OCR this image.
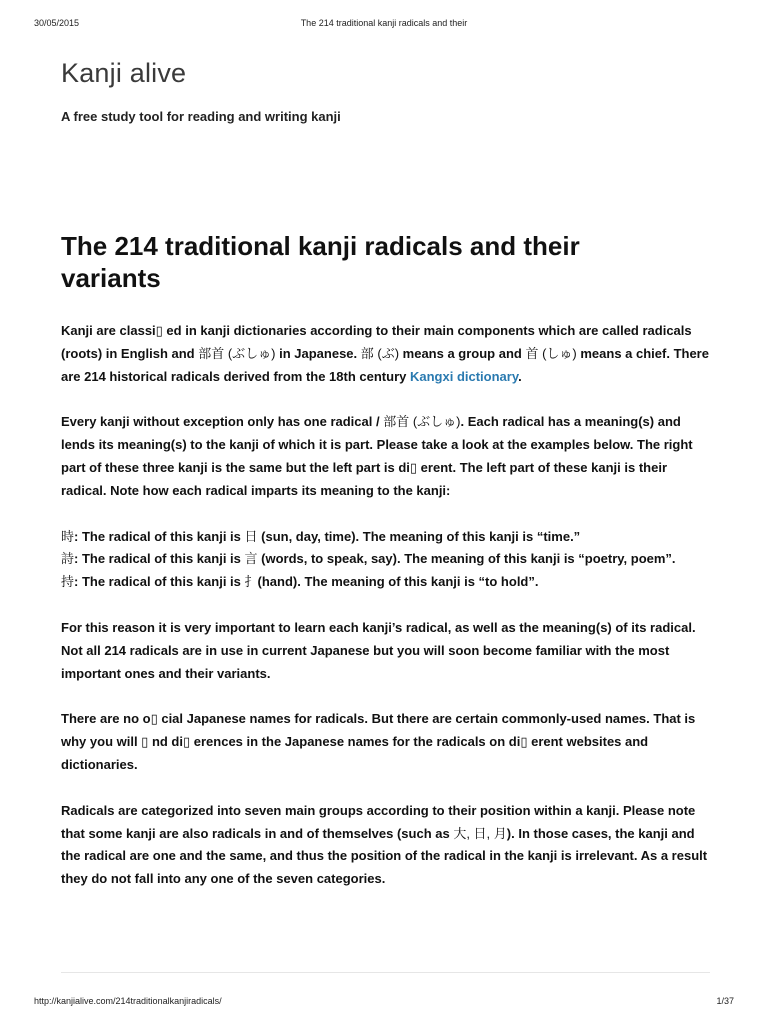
30/05/2015	The 214 traditional kanji radicals and their
Kanji alive

A free study tool for reading and writing kanji

The 214 traditional kanji radicals and their variants

Kanji are classi▯ ed in kanji dictionaries according to their main components which are called radicals (roots) in English and 部首 (ぶしゅ) in Japanese. 部 (ぶ) means a group and 首 (しゅ) means a chief. There are 214 historical radicals derived from the 18th century Kangxi dictionary.

Every kanji without exception only has one radical / 部首 (ぶしゅ). Each radical has a meaning(s) and lends its meaning(s) to the kanji of which it is part. Please take a look at the examples below. The right part of these three kanji is the same but the left part is di▯ erent. The left part of these kanji is their radical. Note how each radical imparts its meaning to the kanji:

時: The radical of this kanji is 日 (sun, day, time). The meaning of this kanji is “time.”

詩: The radical of this kanji is 言 (words, to speak, say). The meaning of this kanji is “poetry, poem”.

持: The radical of this kanji is 扌(hand). The meaning of this kanji is “to hold”.

For this reason it is very important to learn each kanji’s radical, as well as the meaning(s) of its radical. Not all 214 radicals are in use in current Japanese but you will soon become familiar with the most important ones and their variants.

There are no o▯ cial Japanese names for radicals. But there are certain commonly-used names. That is why you will ▯ nd di▯ erences in the Japanese names for the radicals on di▯ erent websites and dictionaries.

Radicals are categorized into seven main groups according to their position within a kanji. Please note that some kanji are also radicals in and of themselves (such as 大, 日, 月). In those cases, the kanji and the radical are one and the same, and thus the position of the radical in the kanji is irrelevant. As a result they do not fall into any one of the seven categories.

http://kanjialive.com/214traditionalkanjiradicals/	1/37
